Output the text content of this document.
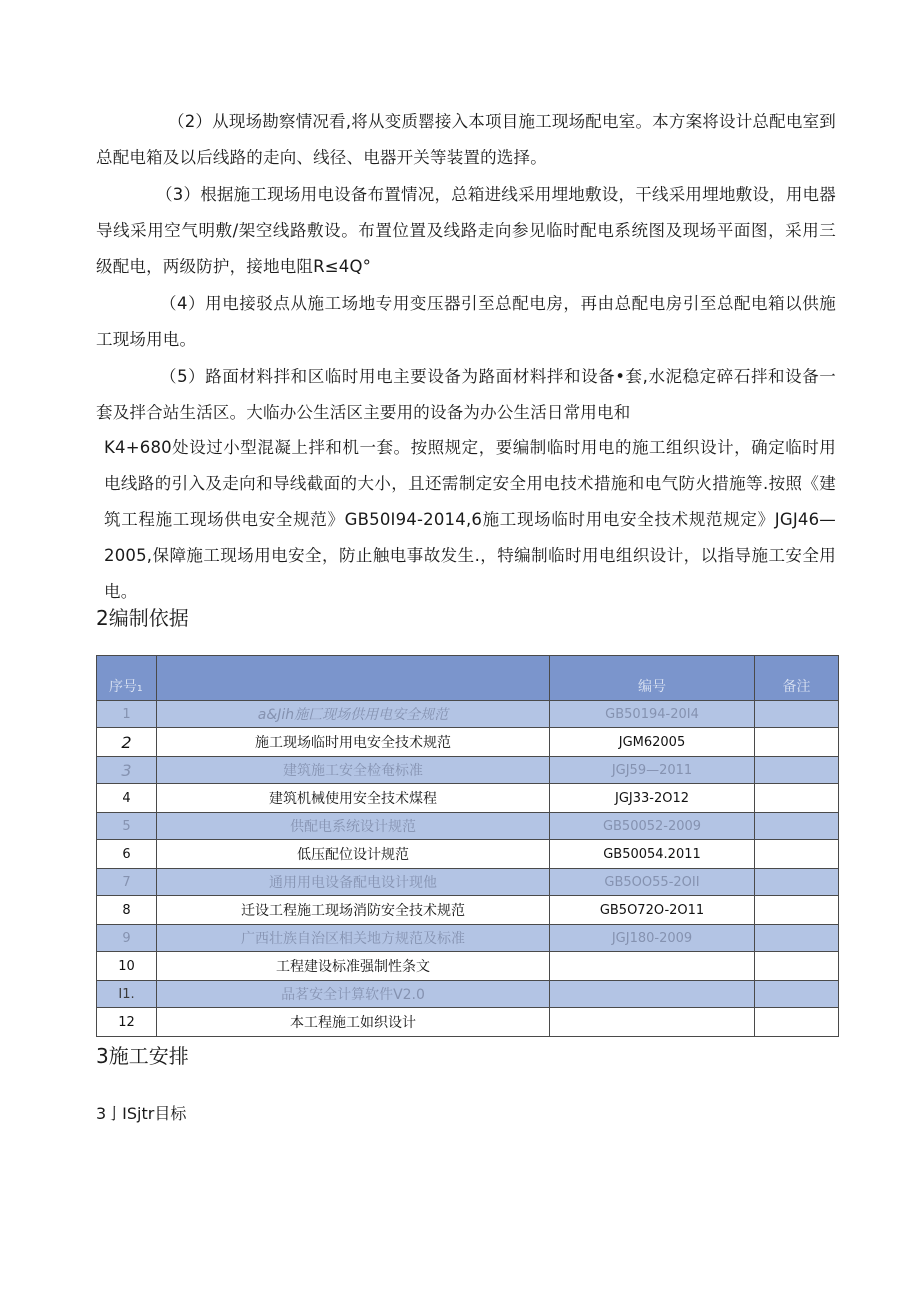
（2）从现场勘察情况看,将从变质罂接入本项目施工现场配电室。本方案将设计总配电室到总配电箱及以后线路的走向、线径、电器开关等装置的选择。

（3）根据施工现场用电设备布置情况，总箱进线采用埋地敷设，干线采用埋地敷设，用电器导线采用空气明敷/架空线路敷设。布置位置及线路走向参见临时配电系统图及现场平面图，采用三级配电，两级防护，接地电阻R≤4Q°

（4）用电接驳点从施工场地专用变压器引至总配电房，再由总配电房引至总配电箱以供施工现场用电。

（5）路面材料拌和区临时用电主要设备为路面材料拌和设备•套,水泥稳定碎石拌和设备一套及拌合站生活区。大临办公生活区主要用的设备为办公生活日常用电和

K4+680处设过小型混凝上拌和机一套。按照规定，要编制临时用电的施工组织设计，确定临时用电线路的引入及走向和导线截面的大小，且还需制定安全用电技术措施和电气防火措施等.按照《建筑工程施工现场供电安全规范》GB50I94-2014,6施工现场临时用电安全技术规范规定》JGJ46—2005,保障施工现场用电安全，防止触电事故发生.，特编制临时用电组织设计，以指导施工安全用电。

2编制依据
序号₁		编号	备注
1	a&Jih施匚现场供用电安全规范	GB50194-20I4	
2	施工现场临时用电安全技术规范	JGM62005	
3	建筑施工安全检奄标准	JGJ59—2011	
4	建筑机械使用安全技术煤程	JGJ33-2O12	
5	供配电系统设计规范	GB50052-2009	
6	低压配位设计规范	GB50054.2011	
7	通用用电设备配电设计现他	GB5OO55-2OII	
8	迁设工程施工现场消防安全技术规范	GB5O72O-2O11	
9	广西壮族自治区相关地方规范及标准	JGJ180-2009	
10	工程建设标准强制性条文		
I1.	品茗安全计算软件V2.0		
12	本工程施工如织设计		
3施工安排

3亅ISjtr目标
